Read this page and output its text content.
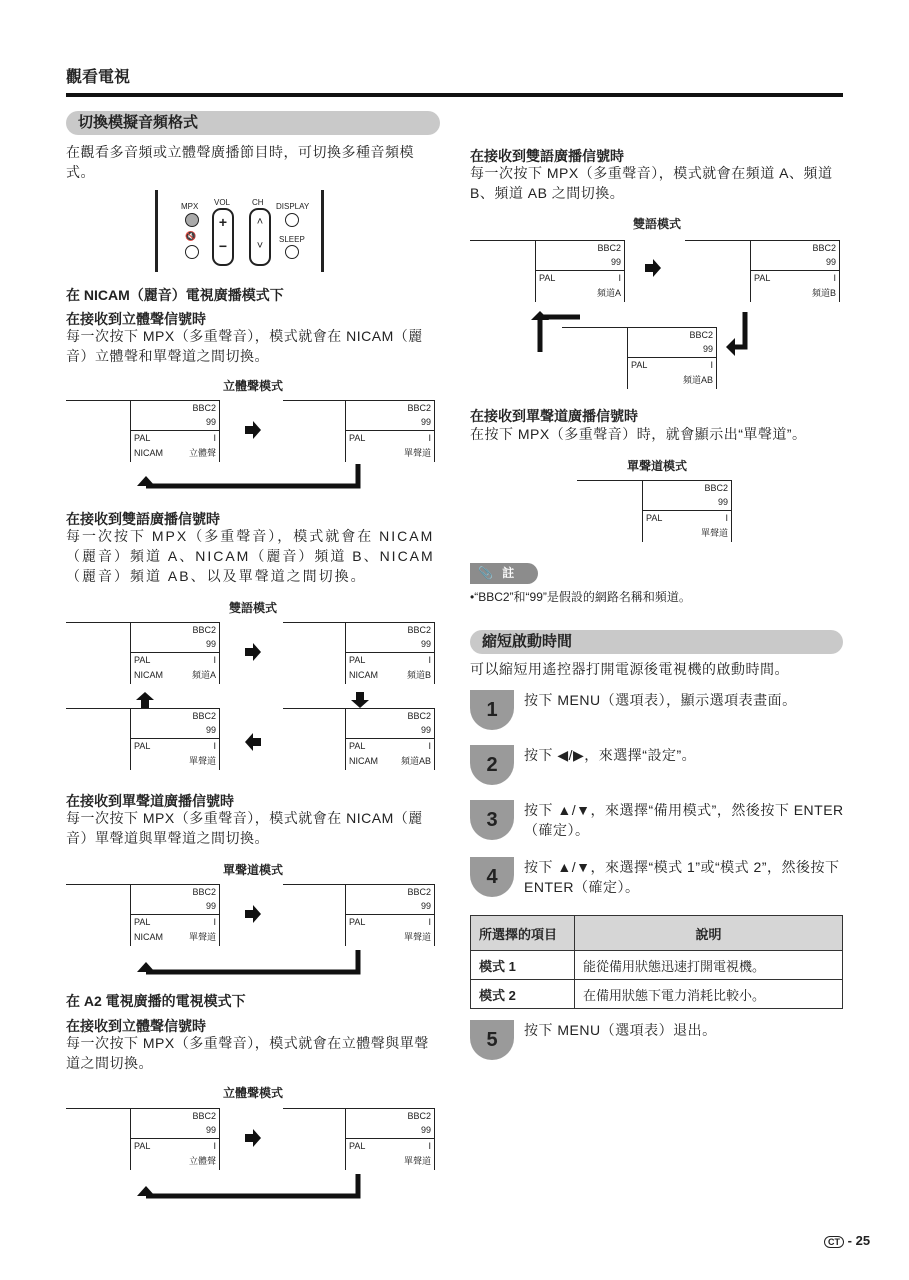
觀看電視
切換模擬音頻格式
在觀看多音頻或立體聲廣播節目時，可切換多種音頻模式。
MPX
🔇
VOL
+
−
CH
˄
˅
DISPLAY
SLEEP
在 NICAM（麗音）電視廣播模式下
在接收到立體聲信號時
每一次按下 MPX（多重聲音），模式就會在 NICAM（麗音）立體聲和單聲道之間切換。
立體聲模式
在接收到雙語廣播信號時
每一次按下 MPX（多重聲音），模式就會在 NICAM（麗音）頻道 A、NICAM（麗音）頻道 B、NICAM（麗音）頻道 AB、以及單聲道之間切換。
雙語模式
在接收到單聲道廣播信號時
每一次按下 MPX（多重聲音），模式就會在 NICAM（麗音）單聲道與單聲道之間切換。
單聲道模式
在 A2 電視廣播的電視模式下
在接收到立體聲信號時
每一次按下 MPX（多重聲音），模式就會在立體聲與單聲道之間切換。
立體聲模式
在接收到雙語廣播信號時
每一次按下 MPX（多重聲音），模式就會在頻道 A、頻道 B、頻道 AB 之間切換。
雙語模式
在接收到單聲道廣播信號時
在按下 MPX（多重聲音）時，就會顯示出“單聲道”。
單聲道模式
📎 註
•“BBC2”和“99”是假設的網路名稱和頻道。
縮短啟動時間
可以縮短用遙控器打開電源後電視機的啟動時間。
1	按下 MENU（選項表），顯示選項表畫面。
2	按下 ◀/▶，來選擇“設定”。
3	按下 ▲/▼，來選擇“備用模式”，然後按下 ENTER（確定）。
4	按下 ▲/▼，來選擇“模式 1”或“模式 2”，然後按下 ENTER（確定）。
5	按下 MENU（選項表）退出。
所選擇的項目	說明
模式 1	能從備用狀態迅速打開電視機。
模式 2	在備用狀態下電力消耗比較小。
CT - 25
BBC2
99
PAL	I
NICAM	立體聲
BBC2
99
PAL	I
單聲道
BBC2
99
PAL	I
NICAM	頻道A
BBC2
99
PAL	I
NICAM	頻道B
BBC2
99
PAL	I
單聲道
BBC2
99
PAL	I
NICAM	頻道AB
BBC2
99
PAL	I
NICAM	單聲道
BBC2
99
PAL	I
單聲道
BBC2
99
PAL	I
立體聲
BBC2
99
PAL	I
單聲道
BBC2
99
PAL	I
頻道A
BBC2
99
PAL	I
頻道B
BBC2
99
PAL	I
頻道AB
BBC2
99
PAL	I
單聲道
